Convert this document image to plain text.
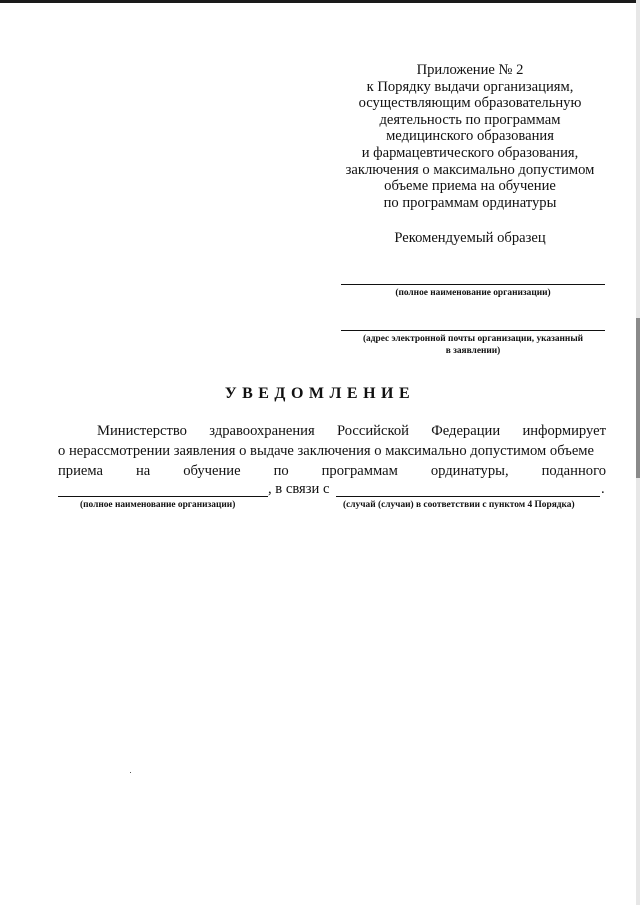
Приложение № 2
к Порядку выдачи организациям,
осуществляющим образовательную
деятельность по программам
медицинского образования
и фармацевтического образования,
заключения о максимально допустимом
объеме приема на обучение
по программам ординатуры
Рекомендуемый образец
(полное наименование организации)
(адрес электронной почты организации, указанный
в заявлении)
УВЕДОМЛЕНИЕ
Министерство здравоохранения Российской Федерации информирует
о нерассмотрении заявления о выдаче заключения о максимально допустимом объеме
приема на обучение по программам ординатуры, поданного
, в связи с	.
(полное наименование организации)	(случай (случаи) в соответствии с пунктом 4 Порядка)
